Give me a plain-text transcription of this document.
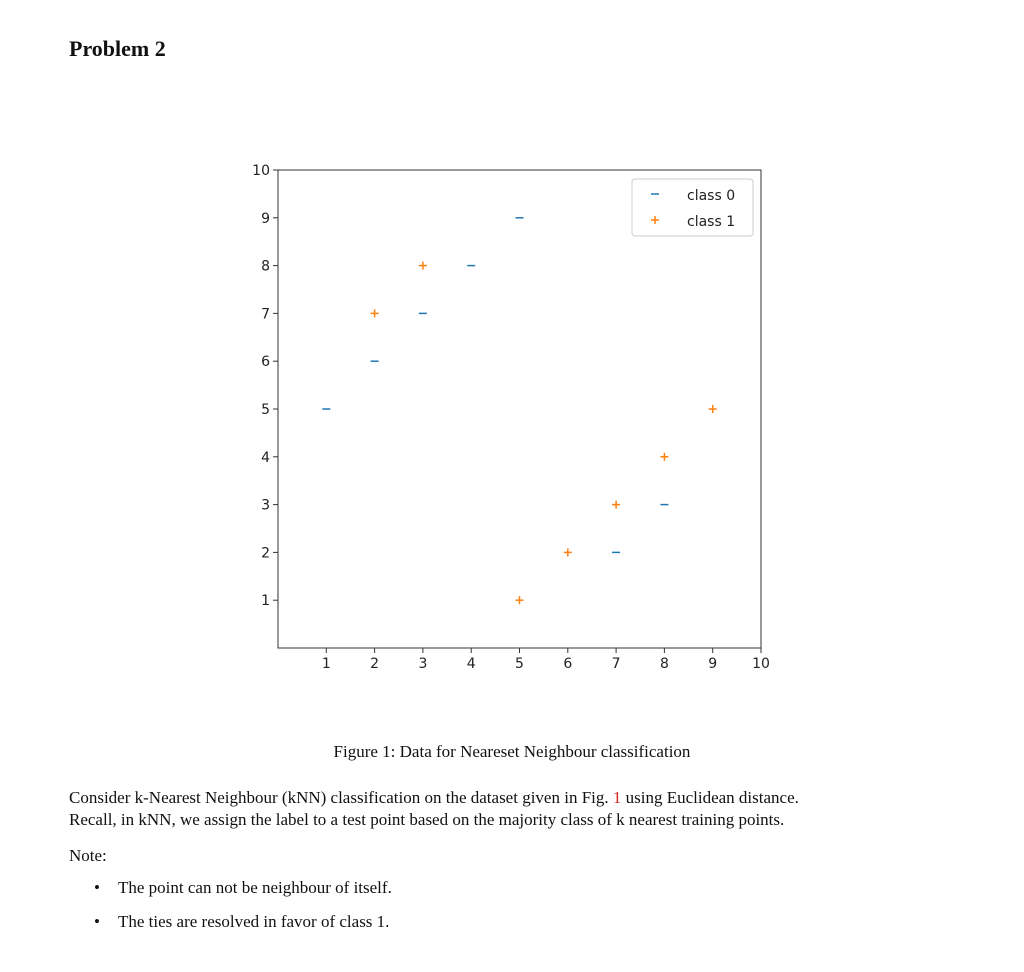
Problem 2
1	2	3	4	5	6	7	8	9 10
1
2
3
4
5
6
7
8
9
10
class 0
class 1
Figure 1: Data for Neareset Neighbour classification
Consider k-Nearest Neighbour (kNN) classification on the dataset given in Fig. 1 using Euclidean distance.
Recall, in kNN, we assign the label to a test point based on the majority class of k nearest training points.
Note:
• The point can not be neighbour of itself.
• The ties are resolved in favor of class 1.
